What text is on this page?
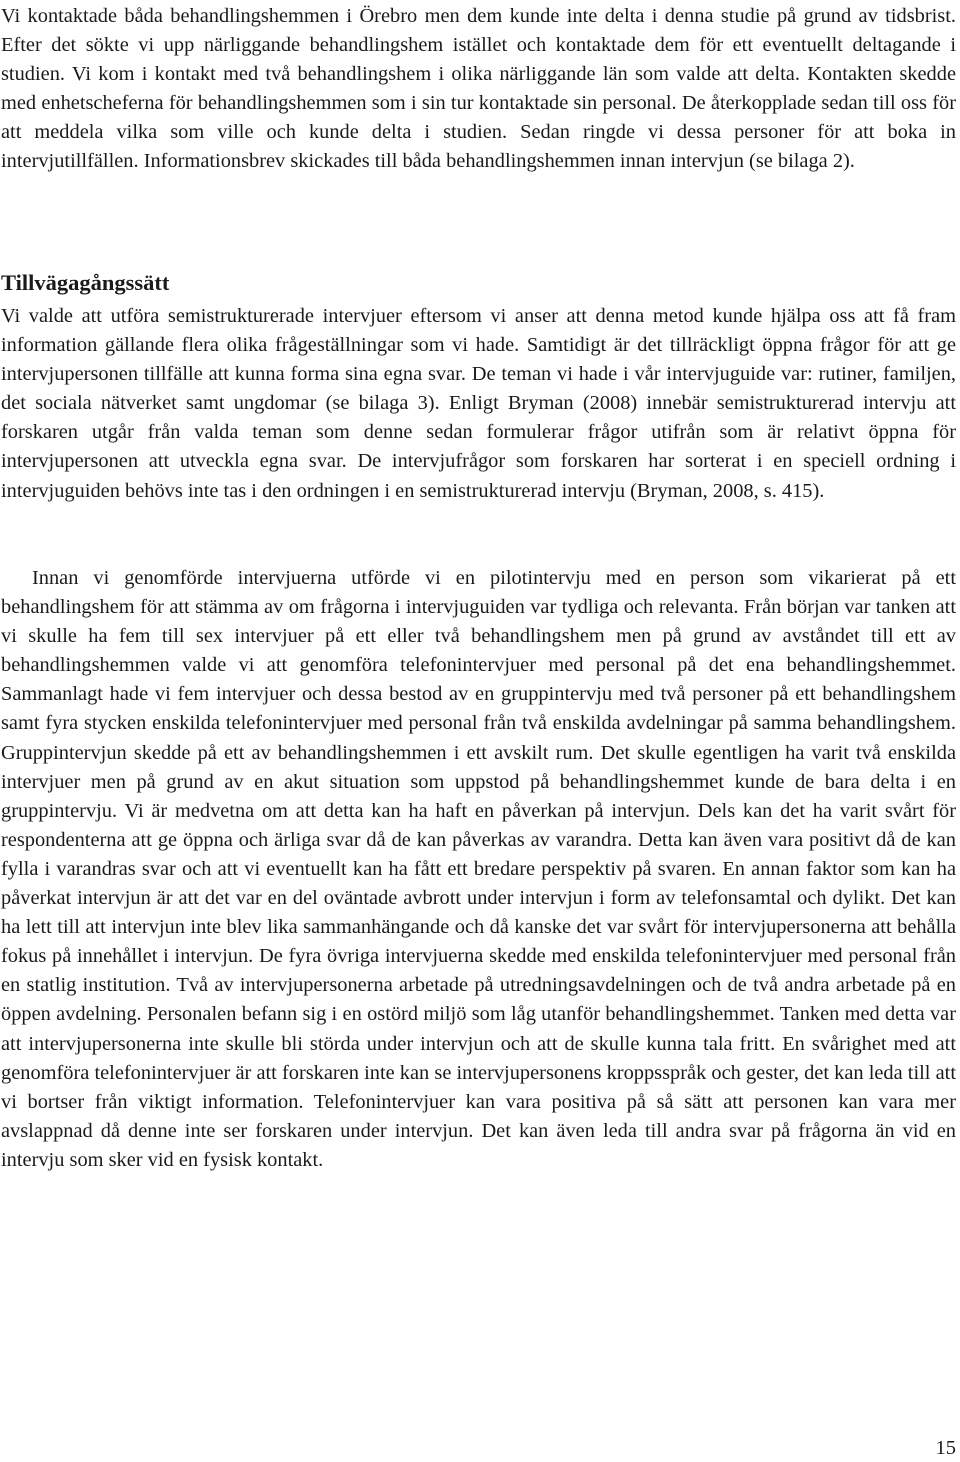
Vi kontaktade båda behandlingshemmen i Örebro men dem kunde inte delta i denna studie på grund av tidsbrist. Efter det sökte vi upp närliggande behandlingshem istället och kontaktade dem för ett eventuellt deltagande i studien. Vi kom i kontakt med två behandlingshem i olika närliggande län som valde att delta. Kontakten skedde med enhetscheferna för behandlingshemmen som i sin tur kontaktade sin personal. De återkopplade sedan till oss för att meddela vilka som ville och kunde delta i studien. Sedan ringde vi dessa personer för att boka in intervjutillfällen. Informationsbrev skickades till båda behandlingshemmen innan intervjun (se bilaga 2).

Tillvägagångssätt

Vi valde att utföra semistrukturerade intervjuer eftersom vi anser att denna metod kunde hjälpa oss att få fram information gällande flera olika frågeställningar som vi hade. Samtidigt är det tillräckligt öppna frågor för att ge intervjupersonen tillfälle att kunna forma sina egna svar. De teman vi hade i vår intervjuguide var: rutiner, familjen, det sociala nätverket samt ungdomar (se bilaga 3). Enligt Bryman (2008) innebär semistrukturerad intervju att forskaren utgår från valda teman som denne sedan formulerar frågor utifrån som är relativt öppna för intervjupersonen att utveckla egna svar. De intervjufrågor som forskaren har sorterat i en speciell ordning i intervjuguiden behövs inte tas i den ordningen i en semistrukturerad intervju (Bryman, 2008, s. 415).

Innan vi genomförde intervjuerna utförde vi en pilotintervju med en person som vikarierat på ett behandlingshem för att stämma av om frågorna i intervjuguiden var tydliga och relevanta. Från början var tanken att vi skulle ha fem till sex intervjuer på ett eller två behandlingshem men på grund av avståndet till ett av behandlingshemmen valde vi att genomföra telefonintervjuer med personal på det ena behandlingshemmet. Sammanlagt hade vi fem intervjuer och dessa bestod av en gruppintervju med två personer på ett behandlingshem samt fyra stycken enskilda telefonintervjuer med personal från två enskilda avdelningar på samma behandlingshem. Gruppintervjun skedde på ett av behandlingshemmen i ett avskilt rum. Det skulle egentligen ha varit två enskilda intervjuer men på grund av en akut situation som uppstod på behandlingshemmet kunde de bara delta i en gruppintervju. Vi är medvetna om att detta kan ha haft en påverkan på intervjun. Dels kan det ha varit svårt för respondenterna att ge öppna och ärliga svar då de kan påverkas av varandra. Detta kan även vara positivt då de kan fylla i varandras svar och att vi eventuellt kan ha fått ett bredare perspektiv på svaren. En annan faktor som kan ha påverkat intervjun är att det var en del oväntade avbrott under intervjun i form av telefonsamtal och dylikt. Det kan ha lett till att intervjun inte blev lika sammanhängande och då kanske det var svårt för intervjupersonerna att behålla fokus på innehållet i intervjun. De fyra övriga intervjuerna skedde med enskilda telefonintervjuer med personal från en statlig institution. Två av intervjupersonerna arbetade på utredningsavdelningen och de två andra arbetade på en öppen avdelning. Personalen befann sig i en ostörd miljö som låg utanför behandlingshemmet. Tanken med detta var att intervjupersonerna inte skulle bli störda under intervjun och att de skulle kunna tala fritt. En svårighet med att genomföra telefonintervjuer är att forskaren inte kan se intervjupersonens kroppsspråk och gester, det kan leda till att vi bortser från viktigt information. Telefonintervjuer kan vara positiva på så sätt att personen kan vara mer avslappnad då denne inte ser forskaren under intervjun. Det kan även leda till andra svar på frågorna än vid en intervju som sker vid en fysisk kontakt.

15
